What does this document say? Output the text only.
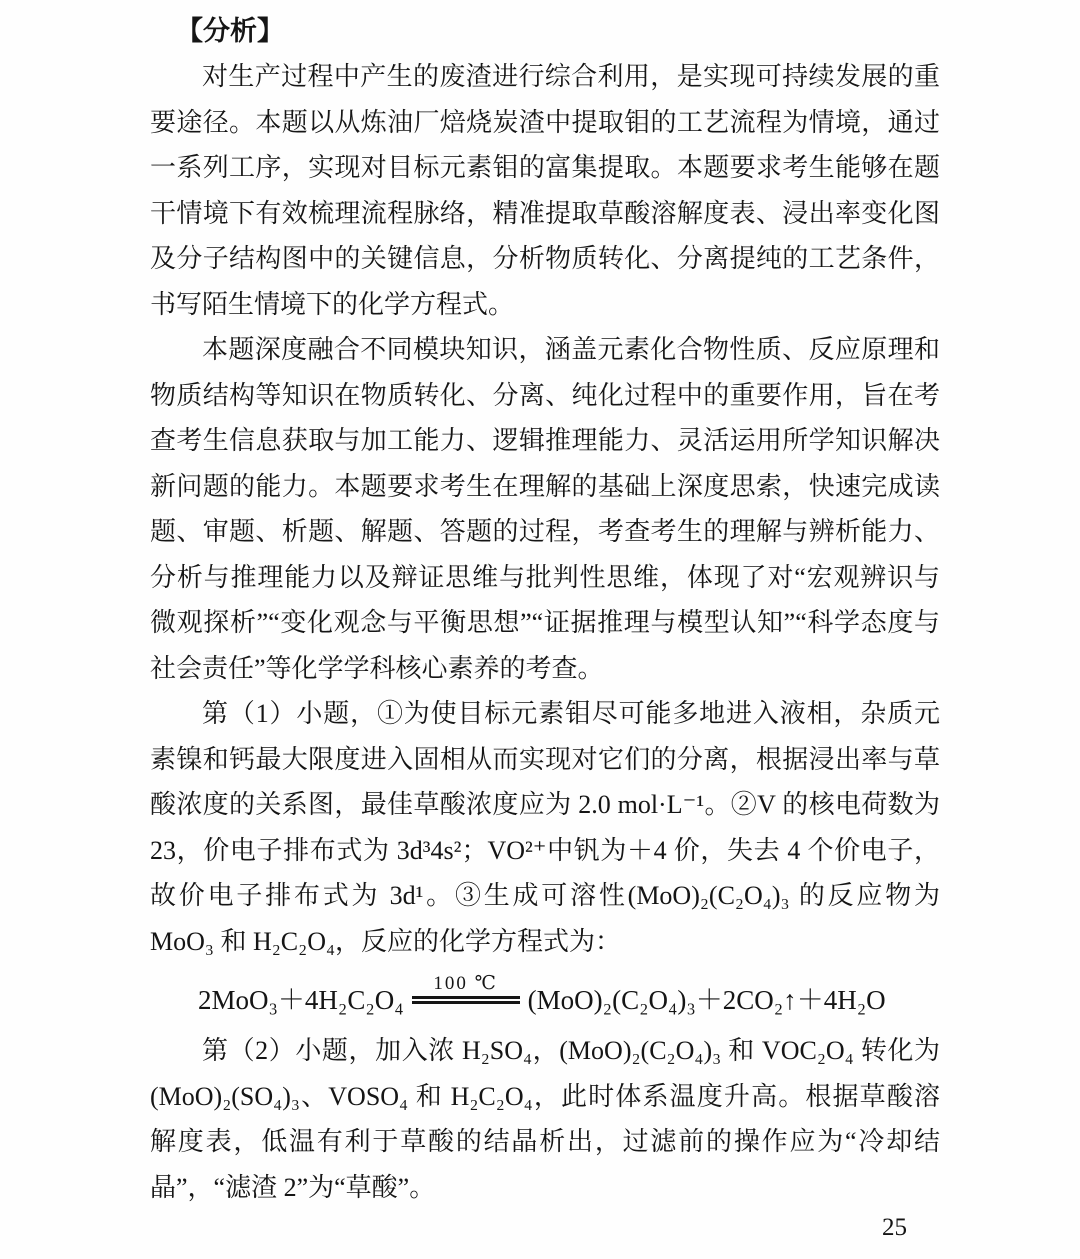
【分析】

对生产过程中产生的废渣进行综合利用，是实现可持续发展的重要途径。本题以从炼油厂焙烧炭渣中提取钼的工艺流程为情境，通过一系列工序，实现对目标元素钼的富集提取。本题要求考生能够在题干情境下有效梳理流程脉络，精准提取草酸溶解度表、浸出率变化图及分子结构图中的关键信息，分析物质转化、分离提纯的工艺条件，书写陌生情境下的化学方程式。

本题深度融合不同模块知识，涵盖元素化合物性质、反应原理和物质结构等知识在物质转化、分离、纯化过程中的重要作用，旨在考查考生信息获取与加工能力、逻辑推理能力、灵活运用所学知识解决新问题的能力。本题要求考生在理解的基础上深度思索，快速完成读题、审题、析题、解题、答题的过程，考查考生的理解与辨析能力、分析与推理能力以及辩证思维与批判性思维，体现了对“宏观辨识与微观探析”“变化观念与平衡思想”“证据推理与模型认知”“科学态度与社会责任”等化学学科核心素养的考查。

第（1）小题，①为使目标元素钼尽可能多地进入液相，杂质元素镍和钙最大限度进入固相从而实现对它们的分离，根据浸出率与草酸浓度的关系图，最佳草酸浓度应为 2.0 mol·L⁻¹。②V 的核电荷数为 23，价电子排布式为 3d³4s²；VO²⁺中钒为＋4 价，失去 4 个价电子，故价电子排布式为 3d¹。③生成可溶性(MoO)₂(C₂O₄)₃ 的反应物为 MoO₃ 和 H₂C₂O₄，反应的化学方程式为：

2MoO₃＋4H₂C₂O₄
100 ℃
(MoO)₂(C₂O₄)₃＋2CO₂↑＋4H₂O

第（2）小题，加入浓 H₂SO₄，(MoO)₂(C₂O₄)₃ 和 VOC₂O₄ 转化为(MoO)₂(SO₄)₃、VOSO₄ 和 H₂C₂O₄，此时体系温度升高。根据草酸溶解度表，低温有利于草酸的结晶析出，过滤前的操作应为“冷却结晶”，“滤渣 2”为“草酸”。

25
